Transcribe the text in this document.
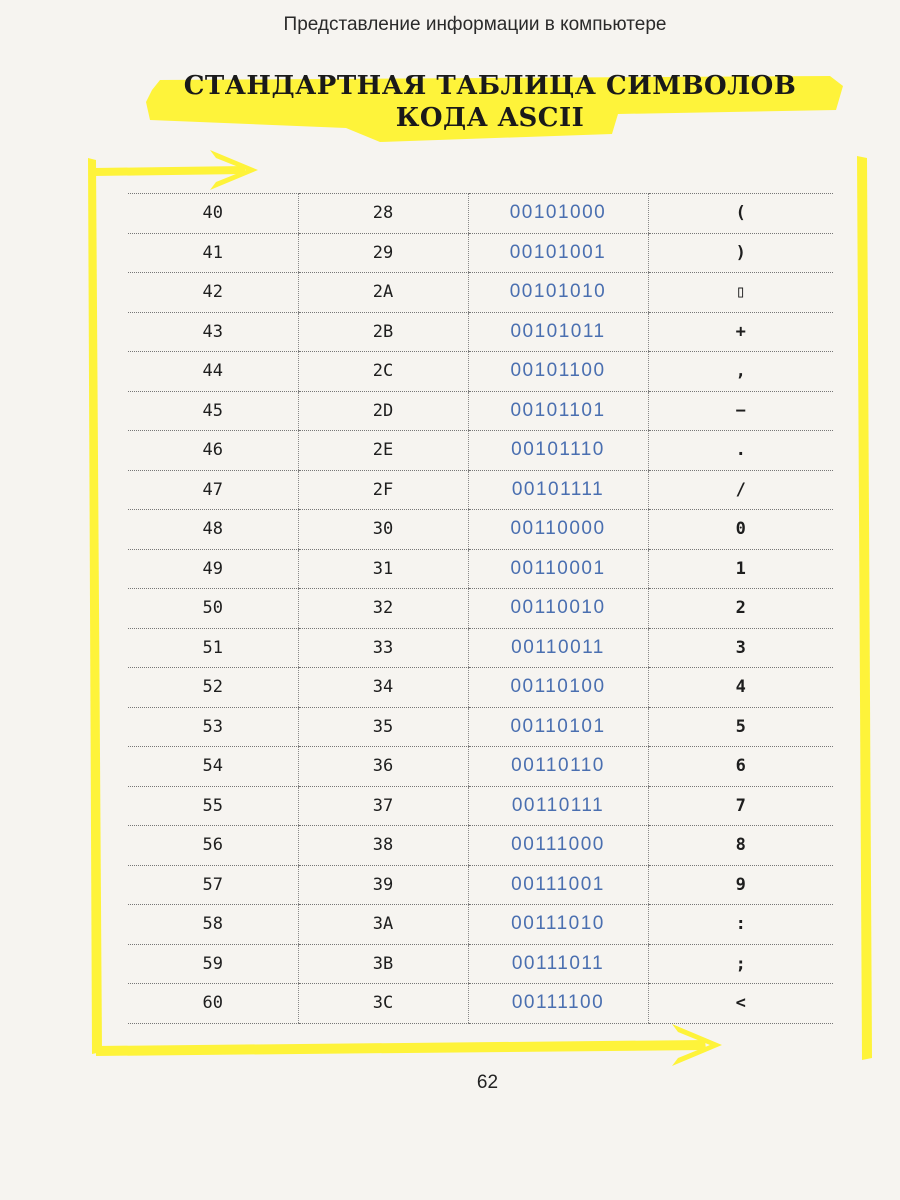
Представление информации в компьютере
СТАНДАРТНАЯ ТАБЛИЦА СИМВОЛОВ
КОДА ASCII
40	28	00101000	(
41	29	00101001	)
42	2A	00101010	▯
43	2B	00101011	+
44	2C	00101100	,
45	2D	00101101	−
46	2E	00101110	.
47	2F	00101111	/
48	30	00110000	0
49	31	00110001	1
50	32	00110010	2
51	33	00110011	3
52	34	00110100	4
53	35	00110101	5
54	36	00110110	6
55	37	00110111	7
56	38	00111000	8
57	39	00111001	9
58	3A	00111010	:
59	3B	00111011	;
60	3C	00111100	<
62
